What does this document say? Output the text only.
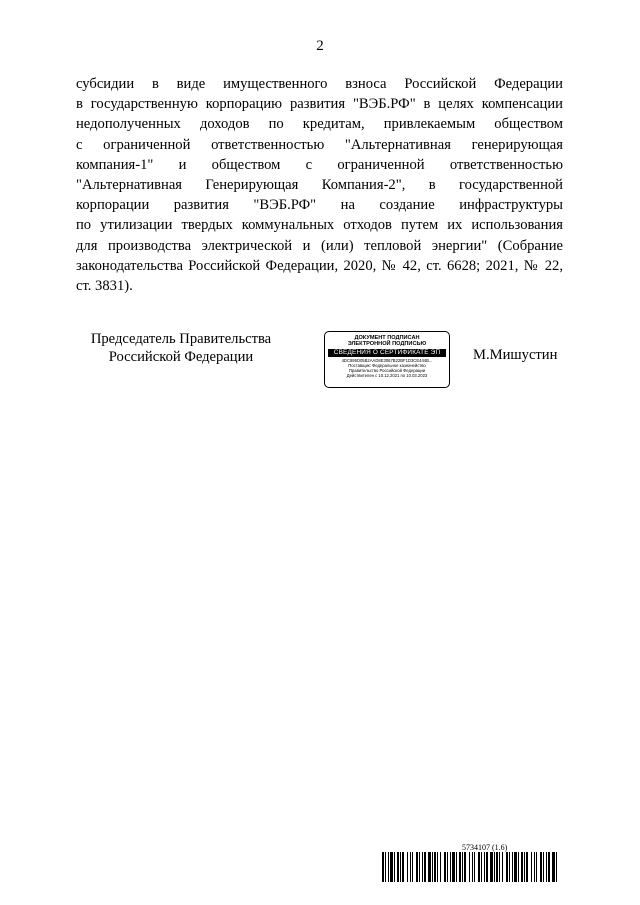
2
субсидии в виде имущественного взноса Российской Федерации
в государственную корпорацию развития "ВЭБ.РФ" в целях компенсации
недополученных доходов по кредитам, привлекаемым обществом
с ограниченной ответственностью "Альтернативная генерирующая
компания-1" и обществом с ограниченной ответственностью
"Альтернативная Генерирующая Компания-2", в государственной
корпорации развития "ВЭБ.РФ" на создание инфраструктуры
по утилизации твердых коммунальных отходов путем их использования
для производства электрической и (или) тепловой энергии" (Собрание
законодательства Российской Федерации, 2020, № 42, ст. 6628; 2021, № 22,
ст. 3831).
Председатель Правительства
Российской Федерации
ДОКУМЕНТ ПОДПИСАН
ЭЛЕКТРОННОЙ ПОДПИСЬЮ
СВЕДЕНИЯ О СЕРТИФИКАТЕ ЭП
4DC895D05B2AAD8E3067B22BF1D3CE444B...
Поставщик: Федеральное казначейство
Правительство Российской Федерации
Действителен с 10.12.2021 по 10.03.2023
М.Мишустин
5734107 (1.6)
